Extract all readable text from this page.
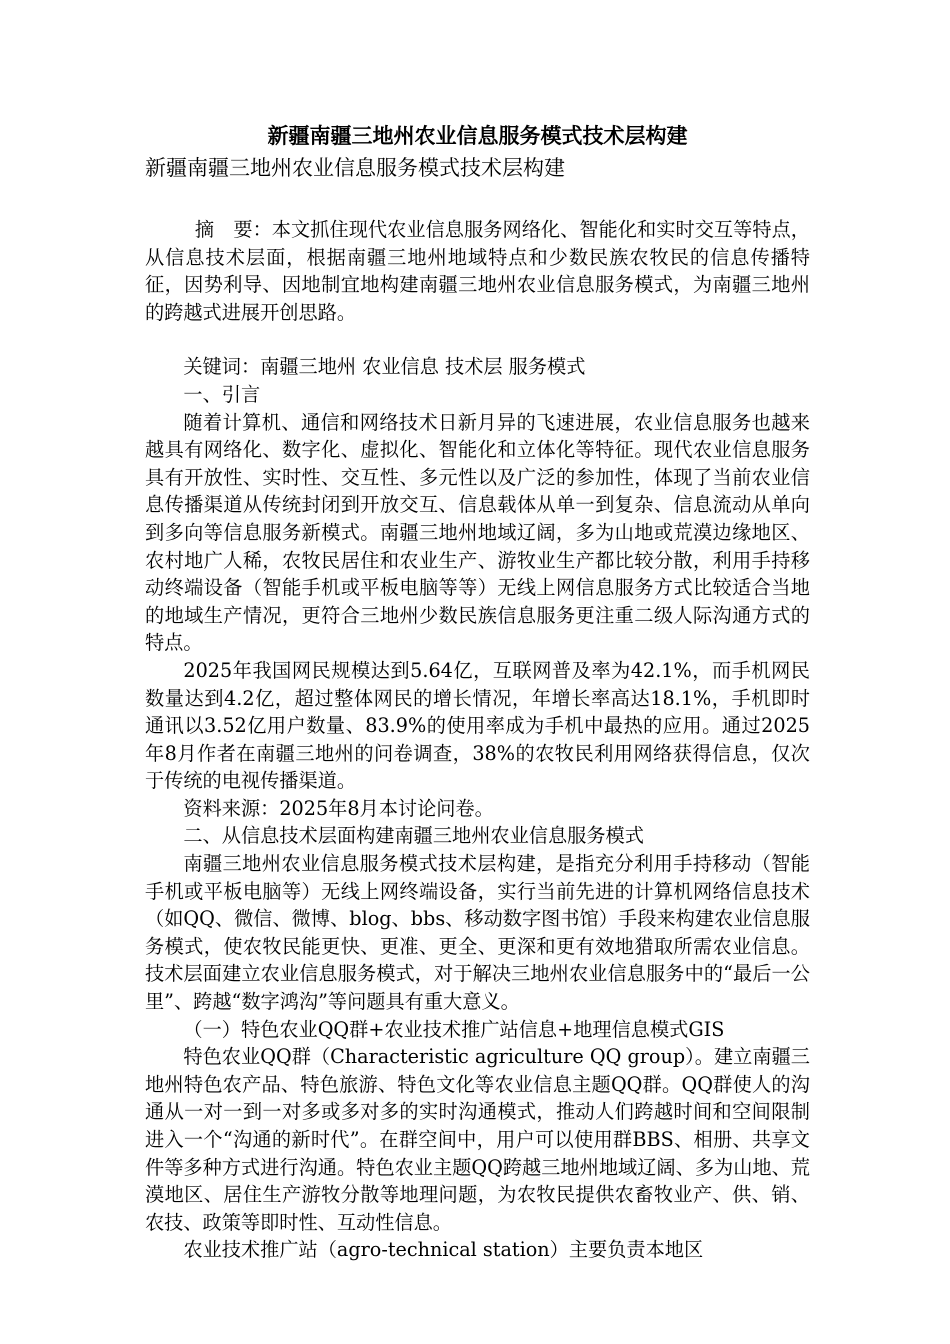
新疆南疆三地州农业信息服务模式技术层构建
新疆南疆三地州农业信息服务模式技术层构建

摘　要：本文抓住现代农业信息服务网络化、智能化和实时交互等特点，从信息技术层面，根据南疆三地州地域特点和少数民族农牧民的信息传播特征，因势利导、因地制宜地构建南疆三地州农业信息服务模式，为南疆三地州的跨越式进展开创思路。

关键词：南疆三地州 农业信息 技术层 服务模式

一、引言

随着计算机、通信和网络技术日新月异的飞速进展，农业信息服务也越来越具有网络化、数字化、虚拟化、智能化和立体化等特征。现代农业信息服务具有开放性、实时性、交互性、多元性以及广泛的参加性，体现了当前农业信息传播渠道从传统封闭到开放交互、信息载体从单一到复杂、信息流动从单向到多向等信息服务新模式。南疆三地州地域辽阔，多为山地或荒漠边缘地区、农村地广人稀，农牧民居住和农业生产、游牧业生产都比较分散，利用手持移动终端设备（智能手机或平板电脑等等）无线上网信息服务方式比较适合当地的地域生产情况，更符合三地州少数民族信息服务更注重二级人际沟通方式的特点。

2025年我国网民规模达到5.64亿，互联网普及率为42.1%，而手机网民数量达到4.2亿，超过整体网民的增长情况，年增长率高达18.1%，手机即时通讯以3.52亿用户数量、83.9%的使用率成为手机中最热的应用。通过2025年8月作者在南疆三地州的问卷调查，38%的农牧民利用网络获得信息，仅次于传统的电视传播渠道。

资料来源：2025年8月本讨论问卷。

二、从信息技术层面构建南疆三地州农业信息服务模式

南疆三地州农业信息服务模式技术层构建，是指充分利用手持移动（智能手机或平板电脑等）无线上网终端设备，实行当前先进的计算机网络信息技术（如QQ、微信、微博、blog、bbs、移动数字图书馆）手段来构建农业信息服务模式，使农牧民能更快、更准、更全、更深和更有效地猎取所需农业信息。技术层面建立农业信息服务模式，对于解决三地州农业信息服务中的“最后一公里”、跨越“数字鸿沟”等问题具有重大意义。

（一）特色农业QQ群+农业技术推广站信息+地理信息模式GIS

特色农业QQ群（Characteristic agriculture QQ group）。建立南疆三地州特色农产品、特色旅游、特色文化等农业信息主题QQ群。QQ群使人的沟通从一对一到一对多或多对多的实时沟通模式，推动人们跨越时间和空间限制进入一个“沟通的新时代”。在群空间中，用户可以使用群BBS、相册、共享文件等多种方式进行沟通。特色农业主题QQ跨越三地州地域辽阔、多为山地、荒漠地区、居住生产游牧分散等地理问题，为农牧民提供农畜牧业产、供、销、农技、政策等即时性、互动性信息。

农业技术推广站（agro-technical station）主要负责本地区
